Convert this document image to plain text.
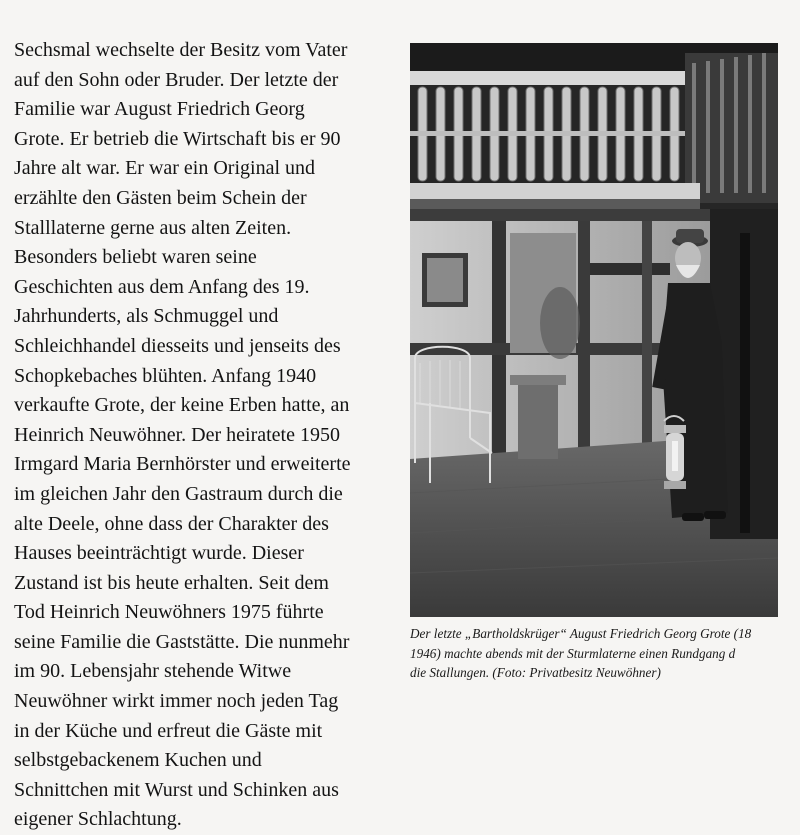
Sechsmal wechselte der Besitz vom Vater
auf den Sohn oder Bruder. Der letzte der
Familie war August Friedrich Georg
Grote. Er betrieb die Wirtschaft bis er 90
Jahre alt war. Er war ein Original und
erzählte den Gästen beim Schein der
Stalllaterne gerne aus alten Zeiten.
Besonders beliebt waren seine
Geschichten aus dem Anfang des 19.
Jahrhunderts, als Schmuggel und
Schleichhandel diesseits und jenseits des
Schopkebaches blühten. Anfang 1940
verkaufte Grote, der keine Erben hatte, an
Heinrich Neuwöhner. Der heiratete 1950
Irmgard Maria Bernhörster und erweiterte
im gleichen Jahr den Gastraum durch die
alte Deele, ohne dass der Charakter des
Hauses beeinträchtigt wurde. Dieser
Zustand ist bis heute erhalten. Seit dem
Tod Heinrich Neuwöhners 1975 führte
seine Familie die Gaststätte. Die nunmehr
im 90. Lebensjahr stehende Witwe
Neuwöhner wirkt immer noch jeden Tag
in der Küche und erfreut die Gäste mit
selbstgebackenem Kuchen und
Schnittchen mit Wurst und Schinken aus
eigener Schlachtung.
Der letzte „Bartholdskrüger“ August Friedrich Georg Grote (18
1946) machte abends mit der Sturmlaterne einen Rundgang d
die Stallungen. (Foto: Privatbesitz Neuwöhner)
